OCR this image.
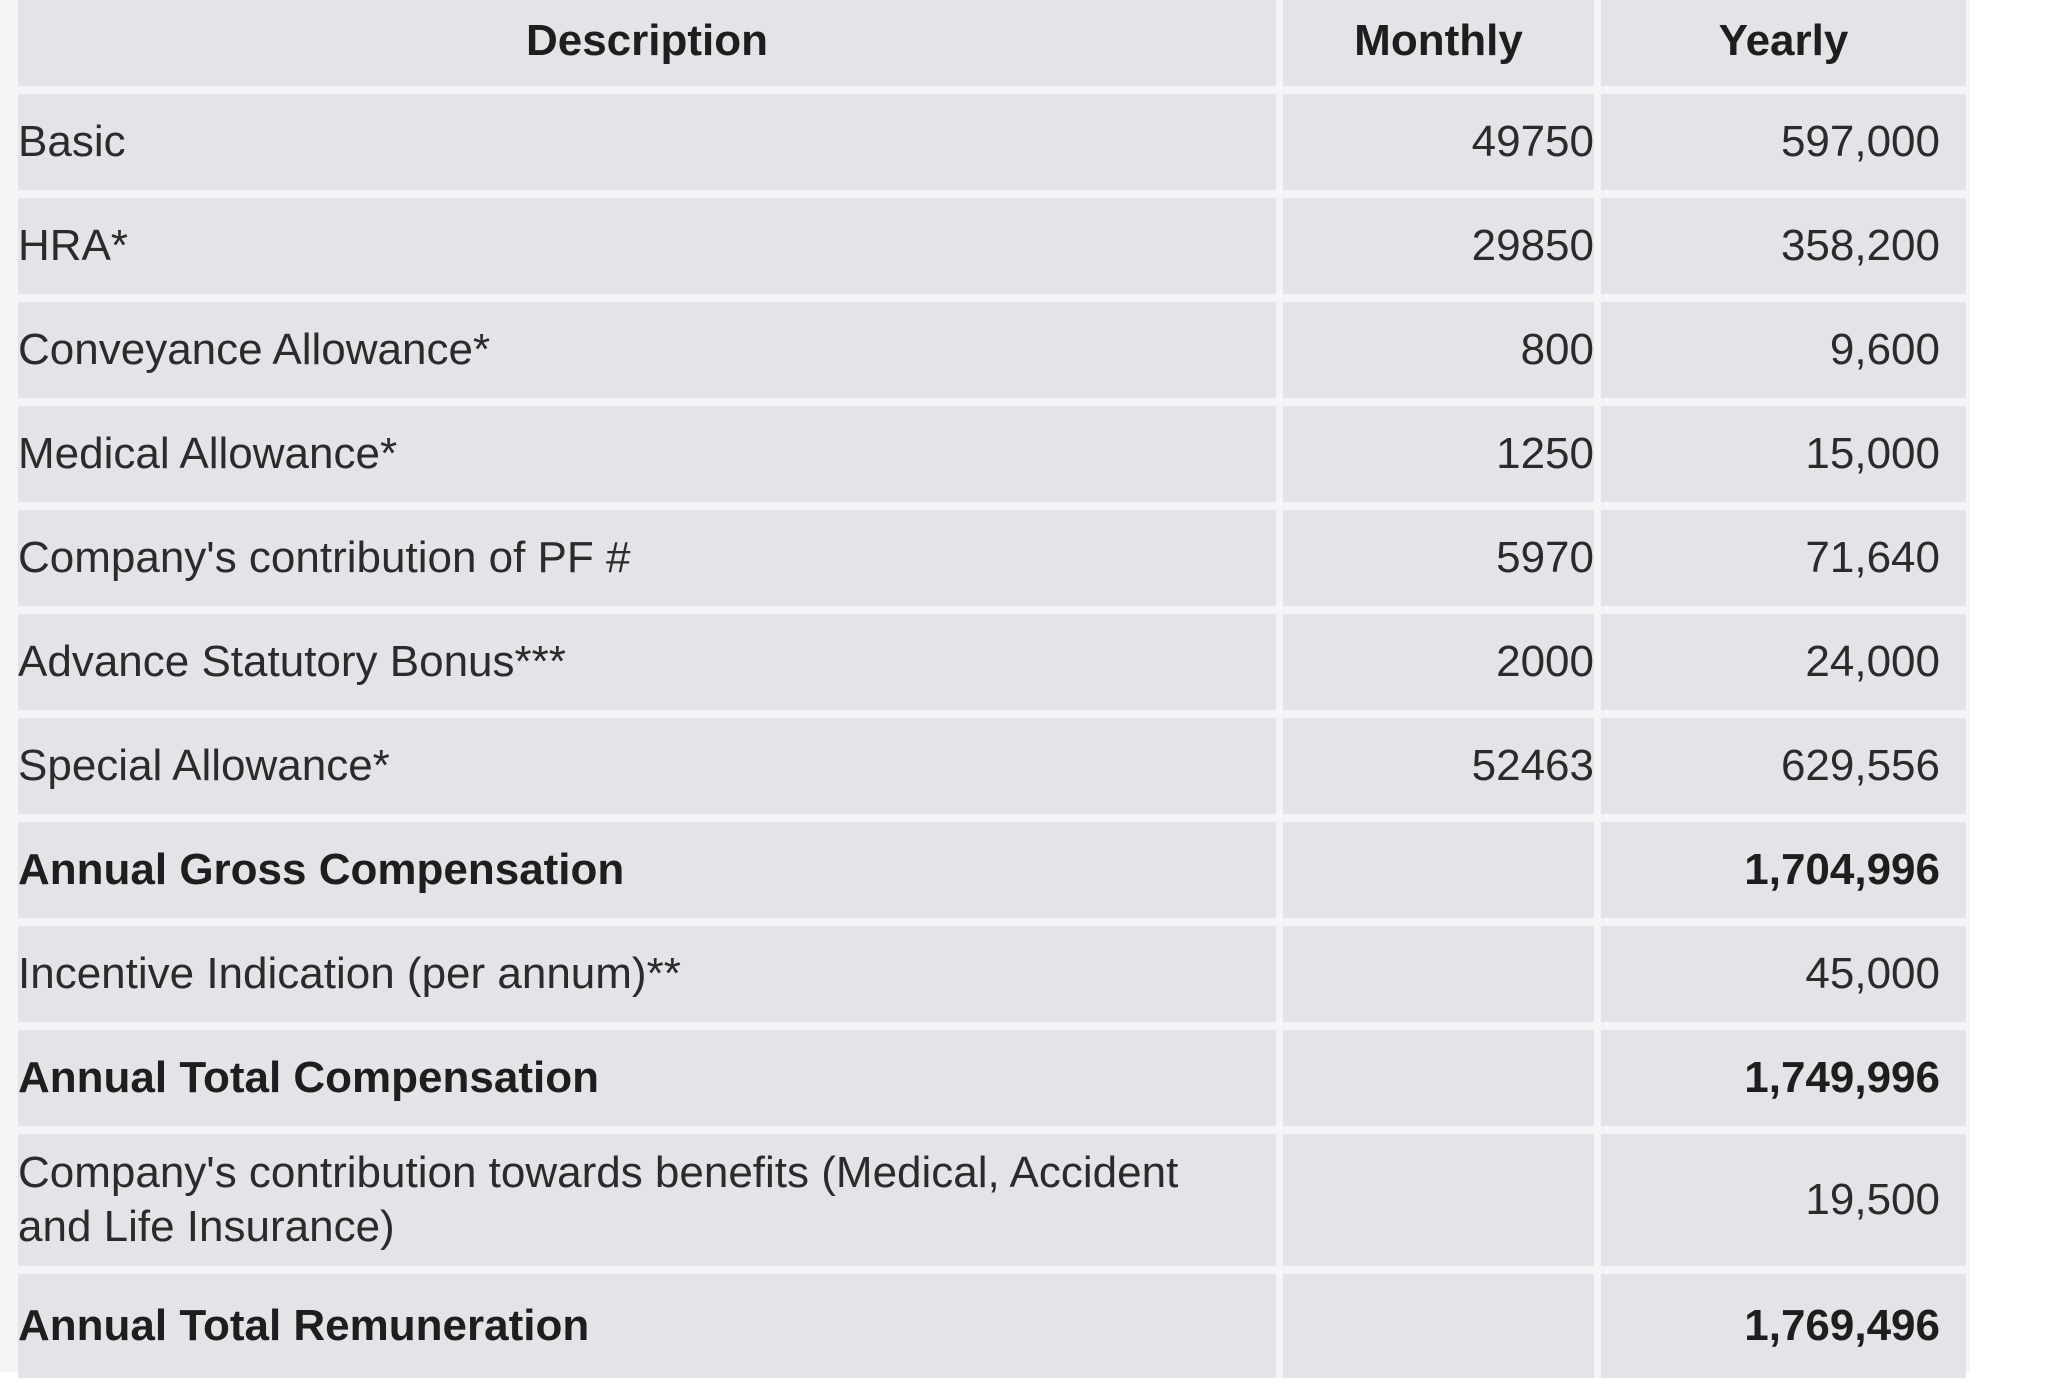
Description	Monthly	Yearly
Basic	49750	597,000
HRA*	29850	358,200
Conveyance Allowance*	800	9,600
Medical Allowance*	1250	15,000
Company's contribution of PF #	5970	71,640
Advance Statutory Bonus***	2000	24,000
Special Allowance*	52463	629,556
Annual Gross Compensation		1,704,996
Incentive Indication (per annum)**		45,000
Annual Total Compensation		1,749,996
Company's contribution towards benefits (Medical, Accident and Life Insurance)		19,500
Annual Total Remuneration		1,769,496
